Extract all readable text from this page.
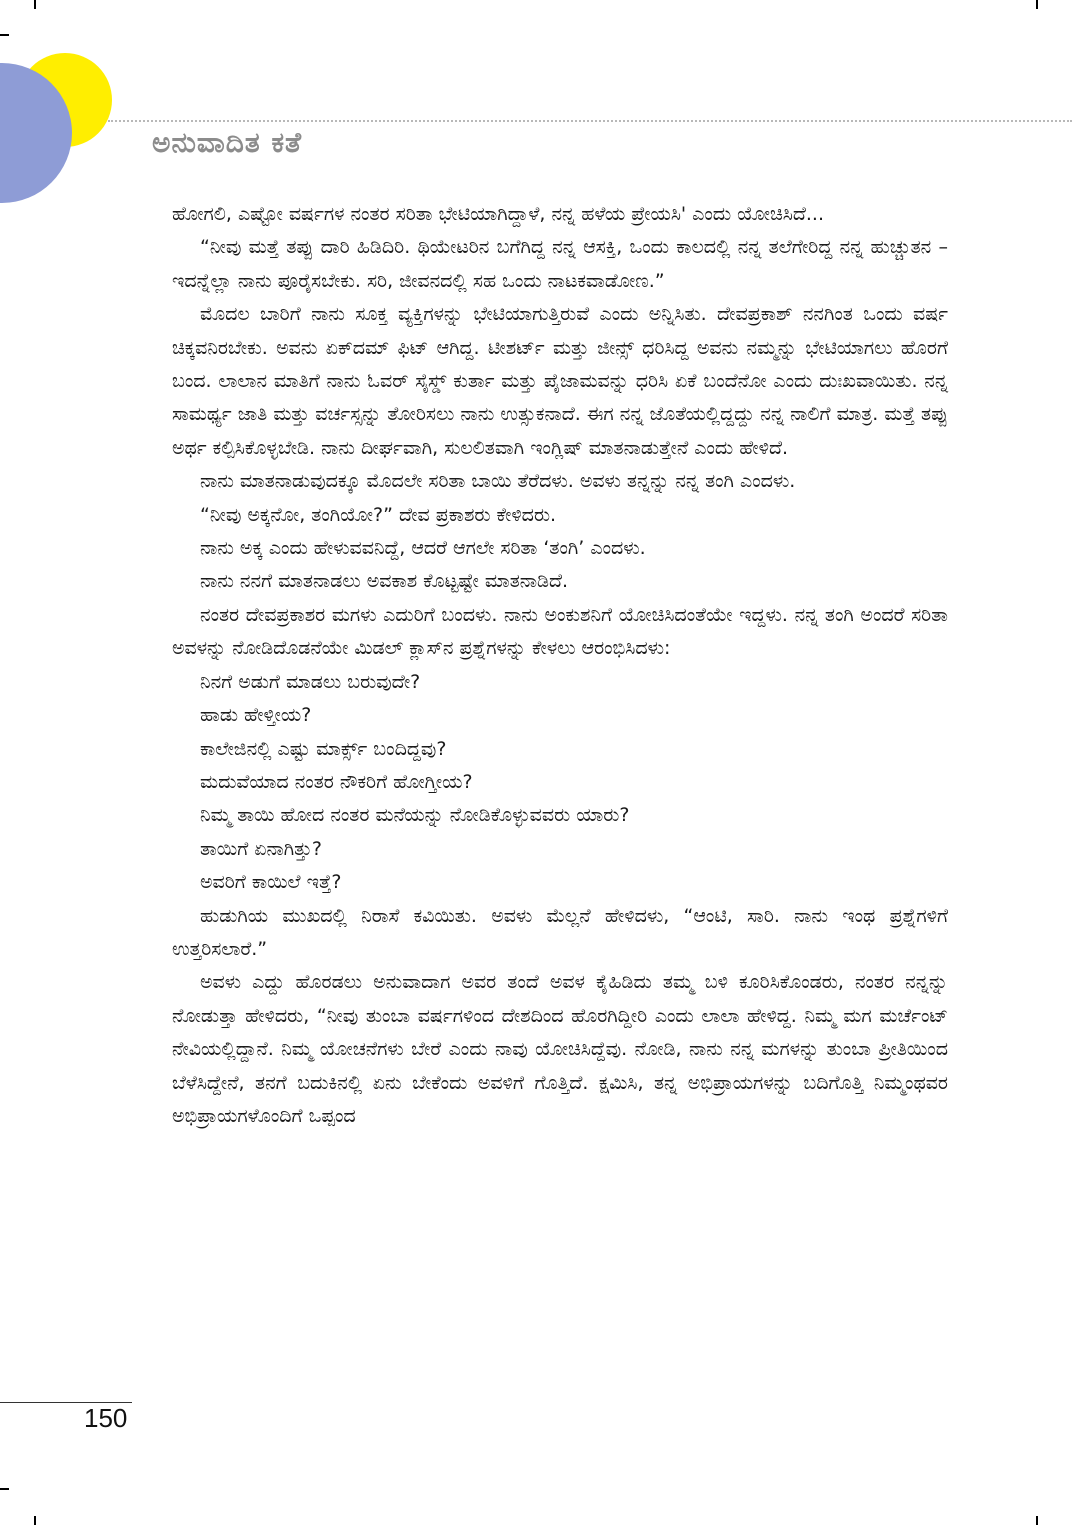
ಅನುವಾದಿತ ಕತೆ

ಹೋಗಲಿ, ಎಷ್ಟೋ ವರ್ಷಗಳ ನಂತರ ಸರಿತಾ ಭೇಟಿಯಾಗಿದ್ದಾಳೆ, ನನ್ನ ಹಳೆಯ ಪ್ರೇಯಸಿ' ಎಂದು ಯೋಚಿಸಿದೆ...

“ನೀವು ಮತ್ತೆ ತಪ್ಪು ದಾರಿ ಹಿಡಿದಿರಿ. ಥಿಯೇಟರಿನ ಬಗೆಗಿದ್ದ ನನ್ನ ಆಸಕ್ತಿ, ಒಂದು ಕಾಲದಲ್ಲಿ ನನ್ನ ತಲೆಗೇರಿದ್ದ ನನ್ನ ಹುಚ್ಚುತನ – ಇದನ್ನೆಲ್ಲಾ ನಾನು ಪೂರೈಸಬೇಕು. ಸರಿ, ಜೀವನದಲ್ಲಿ ಸಹ ಒಂದು ನಾಟಕವಾಡೋಣ.”

ಮೊದಲ ಬಾರಿಗೆ ನಾನು ಸೂಕ್ತ ವ್ಯಕ್ತಿಗಳನ್ನು ಭೇಟಿಯಾಗುತ್ತಿರುವೆ ಎಂದು ಅನ್ನಿಸಿತು. ದೇವಪ್ರಕಾಶ್ ನನಗಿಂತ ಒಂದು ವರ್ಷ ಚಿಕ್ಕವನಿರಬೇಕು. ಅವನು ಏಕ್‌ದಮ್ ಫಿಟ್ ಆಗಿದ್ದ. ಟೀಶರ್ಟ್ ಮತ್ತು ಜೀನ್ಸ್ ಧರಿಸಿದ್ದ ಅವನು ನಮ್ಮನ್ನು ಭೇಟಿಯಾಗಲು ಹೊರಗೆ ಬಂದ. ಲಾಲಾನ ಮಾತಿಗೆ ನಾನು ಓವರ್ ಸೈಸ್ಡ್ ಕುರ್ತಾ ಮತ್ತು ಪೈಜಾಮವನ್ನು ಧರಿಸಿ ಏಕೆ ಬಂದೆನೋ ಎಂದು ದುಃಖವಾಯಿತು. ನನ್ನ ಸಾಮರ್ಥ್ಯ ಜಾತಿ ಮತ್ತು ವರ್ಚಸ್ಸನ್ನು ತೋರಿಸಲು ನಾನು ಉತ್ಸುಕನಾದೆ. ಈಗ ನನ್ನ ಜೊತೆಯಲ್ಲಿದ್ದದ್ದು ನನ್ನ ನಾಲಿಗೆ ಮಾತ್ರ. ಮತ್ತೆ ತಪ್ಪು ಅರ್ಥ ಕಲ್ಪಿಸಿಕೊಳ್ಳಬೇಡಿ. ನಾನು ದೀರ್ಘವಾಗಿ, ಸುಲಲಿತವಾಗಿ ಇಂಗ್ಲಿಷ್ ಮಾತನಾಡುತ್ತೇನೆ ಎಂದು ಹೇಳಿದೆ.

ನಾನು ಮಾತನಾಡುವುದಕ್ಕೂ ಮೊದಲೇ ಸರಿತಾ ಬಾಯಿ ತೆರೆದಳು. ಅವಳು ತನ್ನನ್ನು ನನ್ನ ತಂಗಿ ಎಂದಳು.

“ನೀವು ಅಕ್ಕನೋ, ತಂಗಿಯೋ?” ದೇವ ಪ್ರಕಾಶರು ಕೇಳಿದರು.

ನಾನು ಅಕ್ಕ ಎಂದು ಹೇಳುವವನಿದ್ದೆ, ಆದರೆ ಆಗಲೇ ಸರಿತಾ ‘ತಂಗಿ’ ಎಂದಳು.

ನಾನು ನನಗೆ ಮಾತನಾಡಲು ಅವಕಾಶ ಕೊಟ್ಟಷ್ಟೇ ಮಾತನಾಡಿದೆ.

ನಂತರ ದೇವಪ್ರಕಾಶರ ಮಗಳು ಎದುರಿಗೆ ಬಂದಳು. ನಾನು ಅಂಕುಶನಿಗೆ ಯೋಚಿಸಿದಂತೆಯೇ ಇದ್ದಳು. ನನ್ನ ತಂಗಿ ಅಂದರೆ ಸರಿತಾ ಅವಳನ್ನು ನೋಡಿದೊಡನೆಯೇ ಮಿಡಲ್ ಕ್ಲಾಸ್‌ನ ಪ್ರಶ್ನೆಗಳನ್ನು ಕೇಳಲು ಆರಂಭಿಸಿದಳು:

ನಿನಗೆ ಅಡುಗೆ ಮಾಡಲು ಬರುವುದೇ?

ಹಾಡು ಹೇಳ್ತೀಯ?

ಕಾಲೇಜಿನಲ್ಲಿ ಎಷ್ಟು ಮಾರ್ಕ್ಸ್ ಬಂದಿದ್ದವು?

ಮದುವೆಯಾದ ನಂತರ ನೌಕರಿಗೆ ಹೋಗ್ತೀಯ?

ನಿಮ್ಮ ತಾಯಿ ಹೋದ ನಂತರ ಮನೆಯನ್ನು ನೋಡಿಕೊಳ್ಳುವವರು ಯಾರು?

ತಾಯಿಗೆ ಏನಾಗಿತ್ತು?

ಅವರಿಗೆ ಕಾಯಿಲೆ ಇತ್ತೆ?

ಹುಡುಗಿಯ ಮುಖದಲ್ಲಿ ನಿರಾಸೆ ಕವಿಯಿತು. ಅವಳು ಮೆಲ್ಲನೆ ಹೇಳಿದಳು, “ಆಂಟಿ, ಸಾರಿ. ನಾನು ಇಂಥ ಪ್ರಶ್ನೆಗಳಿಗೆ ಉತ್ತರಿಸಲಾರೆ.”

ಅವಳು ಎದ್ದು ಹೊರಡಲು ಅನುವಾದಾಗ ಅವರ ತಂದೆ ಅವಳ ಕೈಹಿಡಿದು ತಮ್ಮ ಬಳಿ ಕೂರಿಸಿಕೊಂಡರು, ನಂತರ ನನ್ನನ್ನು ನೋಡುತ್ತಾ ಹೇಳಿದರು, “ನೀವು ತುಂಬಾ ವರ್ಷಗಳಿಂದ ದೇಶದಿಂದ ಹೊರಗಿದ್ದೀರಿ ಎಂದು ಲಾಲಾ ಹೇಳಿದ್ದ. ನಿಮ್ಮ ಮಗ ಮರ್ಚೆಂಟ್ ನೇವಿಯಲ್ಲಿದ್ದಾನೆ. ನಿಮ್ಮ ಯೋಚನೆಗಳು ಬೇರೆ ಎಂದು ನಾವು ಯೋಚಿಸಿದ್ದೆವು. ನೋಡಿ, ನಾನು ನನ್ನ ಮಗಳನ್ನು ತುಂಬಾ ಪ್ರೀತಿಯಿಂದ ಬೆಳೆಸಿದ್ದೇನೆ, ತನಗೆ ಬದುಕಿನಲ್ಲಿ ಏನು ಬೇಕೆಂದು ಅವಳಿಗೆ ಗೊತ್ತಿದೆ. ಕ್ಷಮಿಸಿ, ತನ್ನ ಅಭಿಪ್ರಾಯಗಳನ್ನು ಬದಿಗೊತ್ತಿ ನಿಮ್ಮಂಥವರ ಅಭಿಪ್ರಾಯಗಳೊಂದಿಗೆ ಒಪ್ಪಂದ

150
